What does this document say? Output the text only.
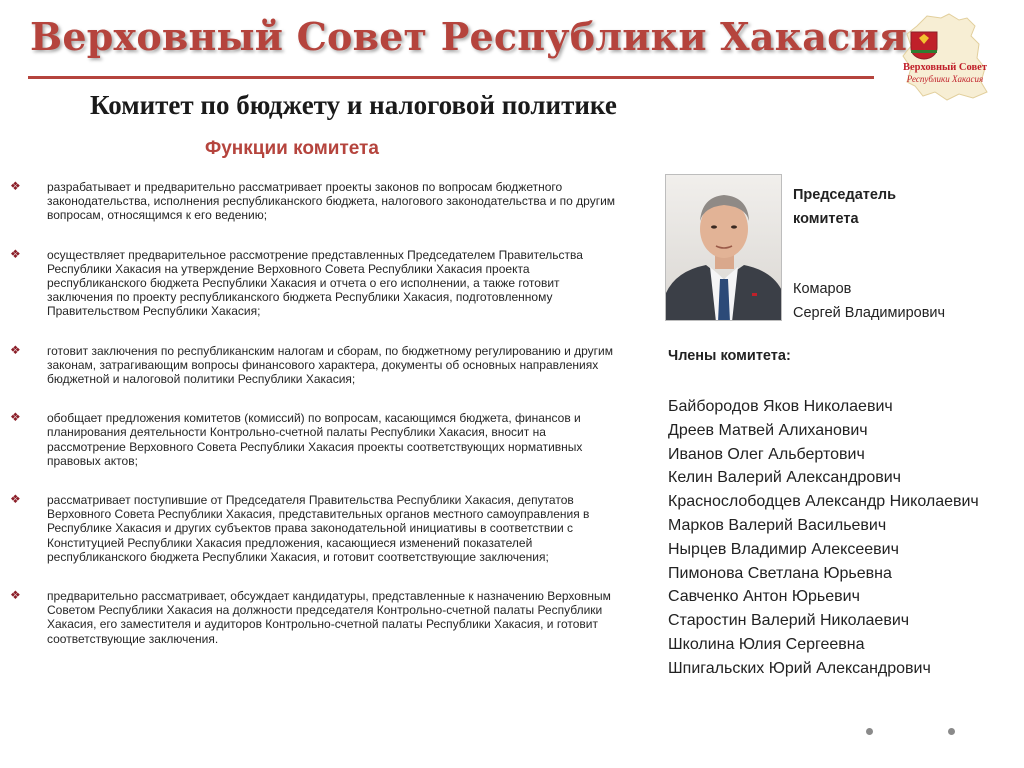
Верховный Совет Республики Хакасия
Верховный Совет
Республики Хакасия
Комитет по бюджету и налоговой политике
Функции комитета
❖ разрабатывает и предварительно рассматривает проекты законов по вопросам бюджетного законодательства, исполнения республиканского бюджета, налогового законодательства и по другим вопросам, относящимся к его ведению;
❖ осуществляет предварительное рассмотрение представленных Председателем Правительства Республики Хакасия на утверждение Верховного Совета Республики Хакасия проекта республиканского бюджета Республики Хакасия и отчета о его исполнении, а также готовит заключения по проекту республиканского бюджета Республики Хакасия, подготовленному Правительством Республики Хакасия;
❖ готовит заключения по республиканским налогам и сборам, по бюджетному регулированию и другим законам, затрагивающим вопросы финансового характера, документы об основных направлениях бюджетной и налоговой политики Республики Хакасия;
❖ обобщает предложения комитетов (комиссий) по вопросам, касающимся бюджета, финансов и планирования деятельности Контрольно-счетной палаты Республики Хакасия, вносит на рассмотрение Верховного Совета Республики Хакасия проекты соответствующих нормативных правовых актов;
❖ рассматривает поступившие от Председателя Правительства Республики Хакасия, депутатов Верховного Совета Республики Хакасия, представительных органов местного самоуправления в Республике Хакасия и других субъектов права законодательной инициативы в соответствии с Конституцией Республики Хакасия предложения, касающиеся изменений показателей республиканского бюджета Республики Хакасия, и готовит соответствующие заключения;
❖ предварительно рассматривает, обсуждает кандидатуры, представленные к назначению Верховным Советом Республики Хакасия на должности председателя Контрольно-счетной палаты Республики Хакасия, его заместителя и аудиторов Контрольно-счетной палаты Республики Хакасия, и готовит соответствующие заключения.

Председатель
комитета

Комаров
Сергей Владимирович

Члены комитета:

Байбородов Яков Николаевич
Дреев Матвей Алиханович
Иванов Олег Альбертович
Келин Валерий Александрович
Краснослободцев Александр Николаевич
Марков Валерий Васильевич
Нырцев Владимир Алексеевич
Пимонова Светлана Юрьевна
Савченко Антон Юрьевич
Старостин Валерий Николаевич
Школина Юлия Сергеевна
Шпигальских Юрий Александрович
